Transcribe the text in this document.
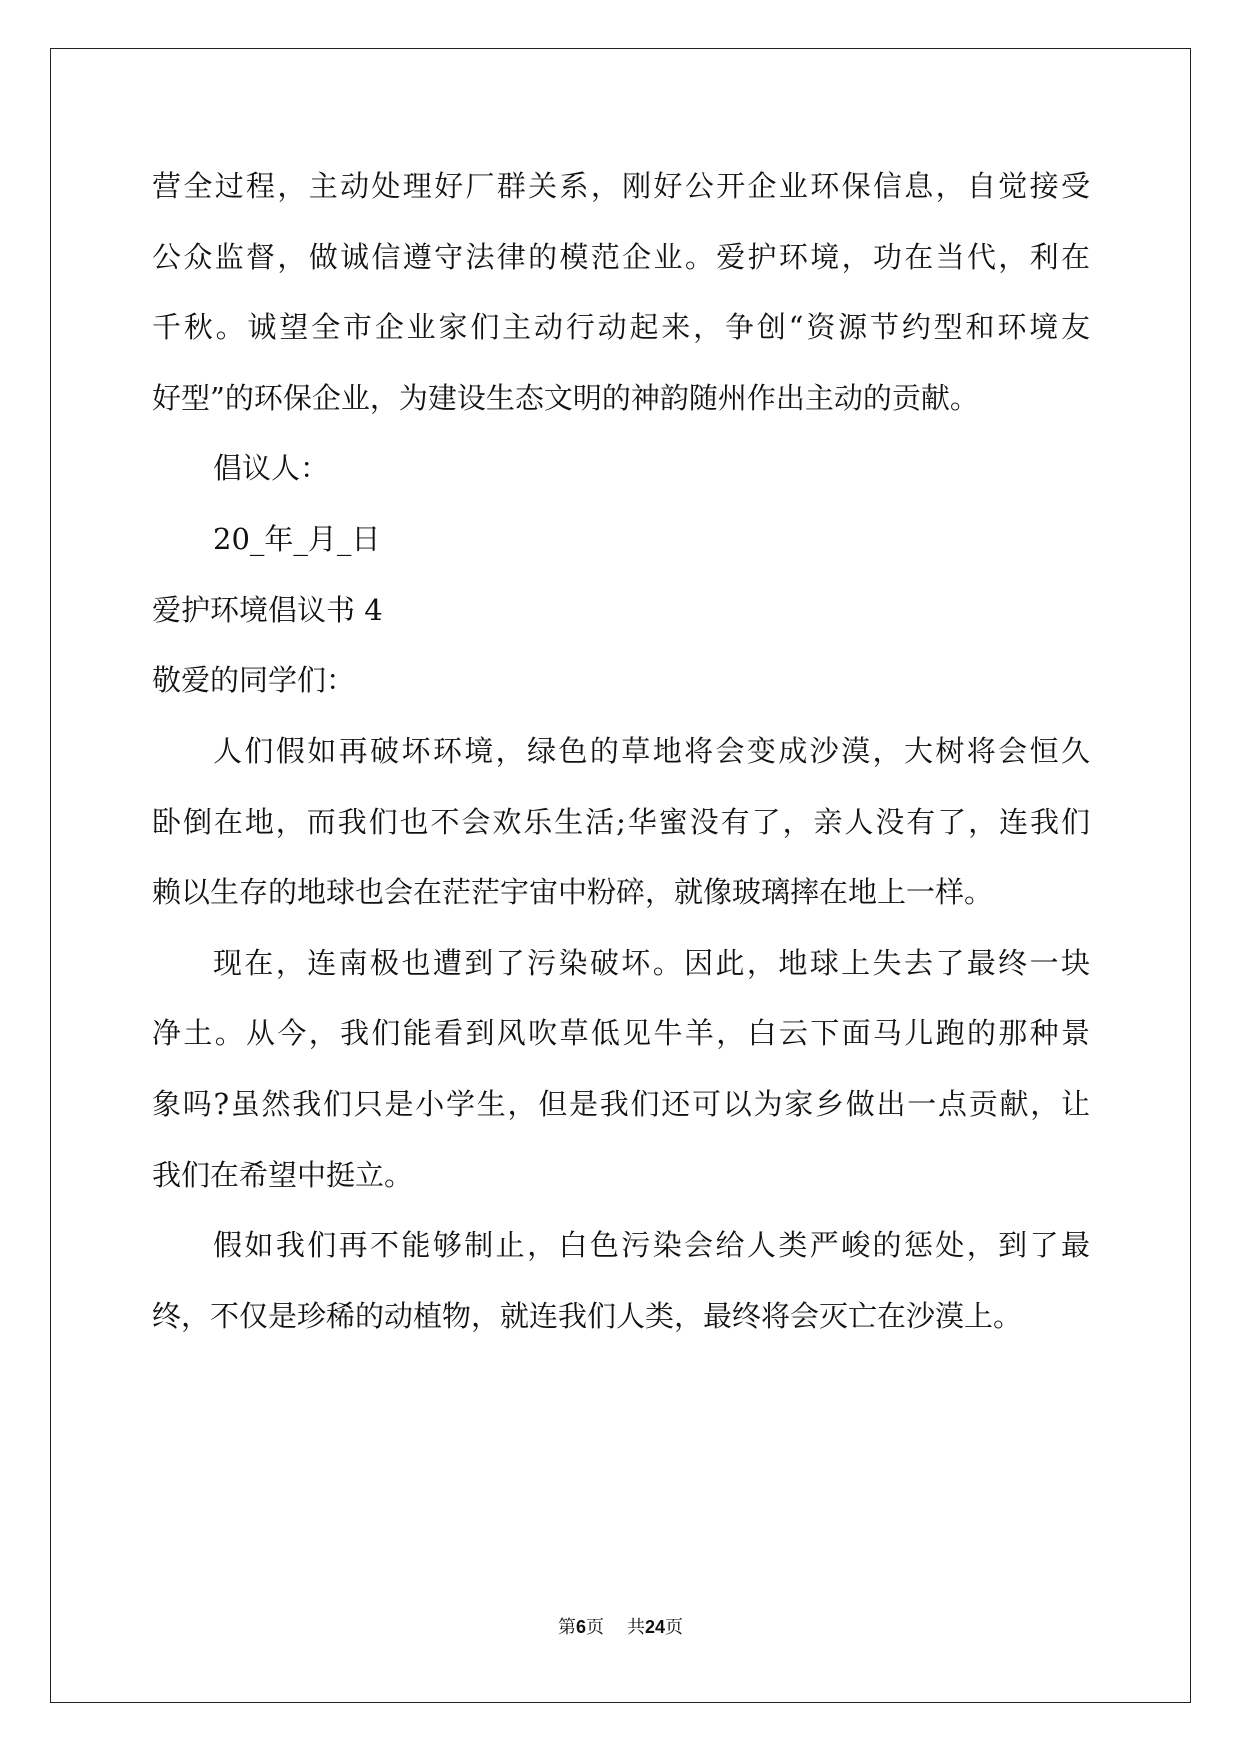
营全过程，主动处理好厂群关系，刚好公开企业环保信息，自觉接受
公众监督，做诚信遵守法律的模范企业。爱护环境，功在当代，利在
千秋。诚望全市企业家们主动行动起来，争创“资源节约型和环境友
好型”的环保企业，为建设生态文明的神韵随州作出主动的贡献。
倡议人：
20_年_月_日
爱护环境倡议书 4
敬爱的同学们：
人们假如再破坏环境，绿色的草地将会变成沙漠，大树将会恒久
卧倒在地，而我们也不会欢乐生活;华蜜没有了，亲人没有了，连我们
赖以生存的地球也会在茫茫宇宙中粉碎，就像玻璃摔在地上一样。
现在，连南极也遭到了污染破坏。因此，地球上失去了最终一块
净土。从今，我们能看到风吹草低见牛羊，白云下面马儿跑的那种景
象吗?虽然我们只是小学生，但是我们还可以为家乡做出一点贡献，让
我们在希望中挺立。
假如我们再不能够制止，白色污染会给人类严峻的惩处，到了最
终，不仅是珍稀的动植物，就连我们人类，最终将会灭亡在沙漠上。
第6页 共24页
